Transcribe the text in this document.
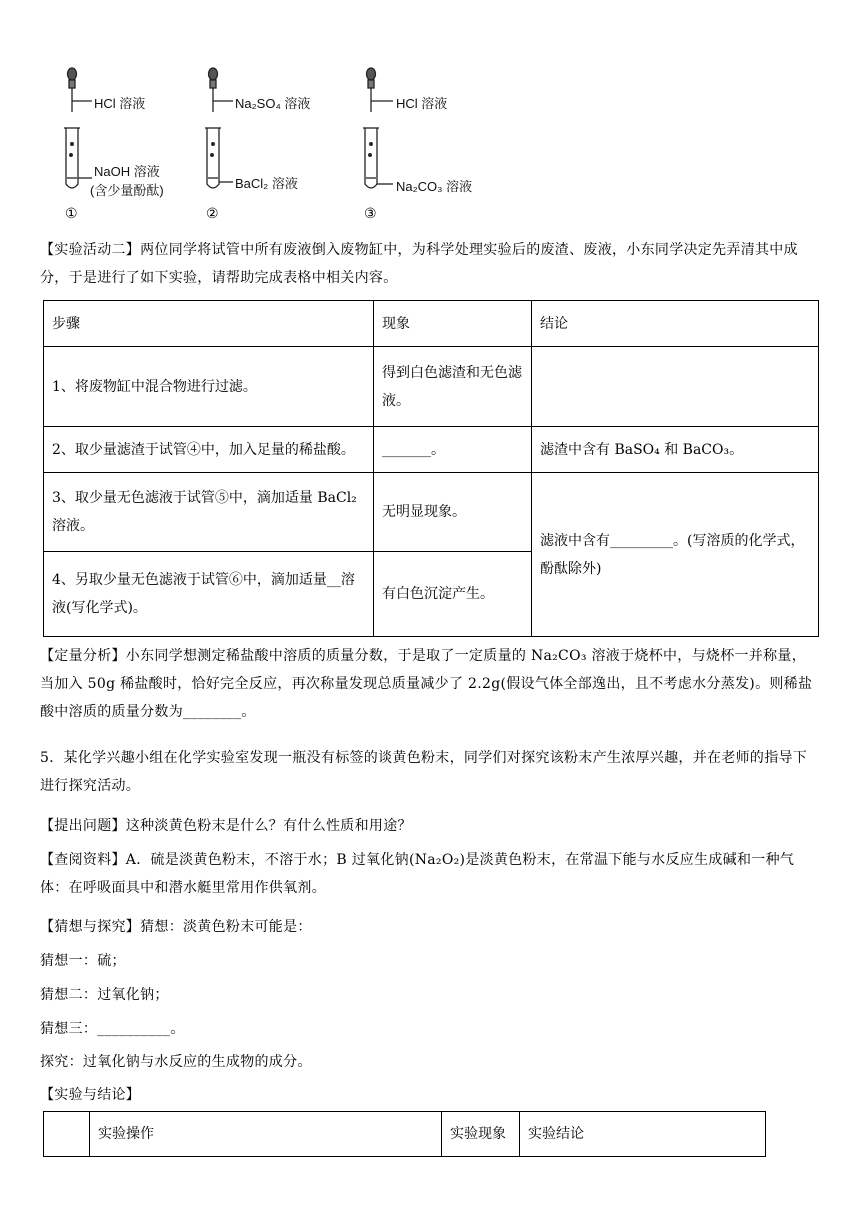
HCl 溶液
NaOH 溶液
(含少量酚酞)
①
Na₂SO₄ 溶液
BaCl₂ 溶液
②
HCl 溶液
Na₂CO₃ 溶液
③
【实验活动二】两位同学将试管中所有废液倒入废物缸中，为科学处理实验后的废渣、废液，小东同学决定先弄清其中成分，于是进行了如下实验，请帮助完成表格中相关内容。
步骤	现象	结论
1、将废物缸中混合物进行过滤。	得到白色滤渣和无色滤液。	
2、取少量滤渣于试管④中，加入足量的稀盐酸。	_______。	滤渣中含有 BaSO₄ 和 BaCO₃。
3、取少量无色滤液于试管⑤中，滴加适量 BaCl₂ 溶液。	无明显现象。	滤液中含有_________。(写溶质的化学式，酚酞除外)
4、另取少量无色滤液于试管⑥中，滴加适量__溶液(写化学式)。	有白色沉淀产生。	
【定量分析】小东同学想测定稀盐酸中溶质的质量分数，于是取了一定质量的 Na₂CO₃ 溶液于烧杯中，与烧杯一并称量，当加入 50g 稀盐酸时，恰好完全反应，再次称量发现总质量减少了 2.2g(假设气体全部逸出，且不考虑水分蒸发)。则稀盐酸中溶质的质量分数为________。
5．某化学兴趣小组在化学实验室发现一瓶没有标签的谈黄色粉末，同学们对探究该粉末产生浓厚兴趣，并在老师的指导下进行探究活动。
【提出问题】这种淡黄色粉末是什么？有什么性质和用途？
【查阅资料】A．硫是淡黄色粉末，不溶于水；B 过氧化钠(Na₂O₂)是淡黄色粉末，在常温下能与水反应生成碱和一种气体：在呼吸面具中和潜水艇里常用作供氧剂。
【猜想与探究】猜想：淡黄色粉末可能是：
猜想一：硫；
猜想二：过氧化钠；
猜想三：__________。
探究：过氧化钠与水反应的生成物的成分。
【实验与结论】
	实验操作	实验现象	实验结论
